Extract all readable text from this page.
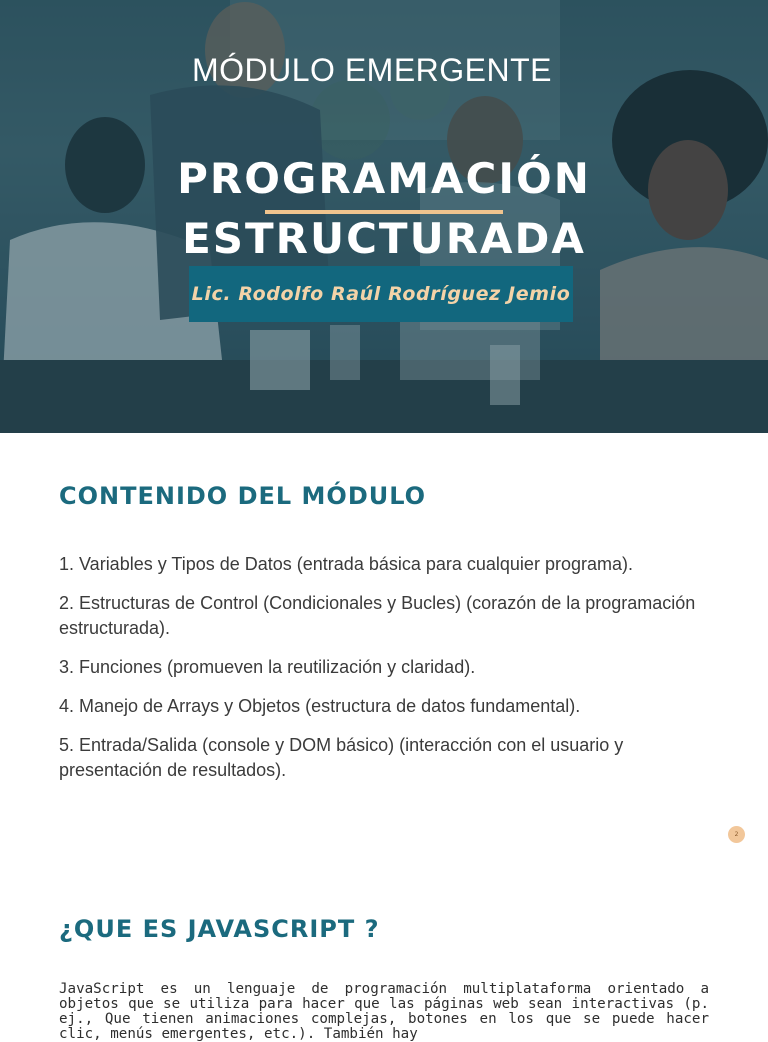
MÓDULO EMERGENTE
PROGRAMACIÓN
ESTRUCTURADA
Lic. Rodolfo Raúl Rodríguez Jemio
CONTENIDO DEL MÓDULO
1. Variables y Tipos de Datos (entrada básica para cualquier programa).
2. Estructuras de Control (Condicionales y Bucles) (corazón de la programación estructurada).
3. Funciones (promueven la reutilización y claridad).
4. Manejo de Arrays y Objetos (estructura de datos fundamental).
5. Entrada/Salida (console y DOM básico) (interacción con el usuario y presentación de resultados).
2
¿QUE ES JAVASCRIPT ?

JavaScript es un lenguaje de programación multiplataforma orientado a objetos que se utiliza para hacer que las páginas web sean interactivas (p. ej., Que tienen animaciones complejas, botones en los que se puede hacer clic, menús emergentes, etc.). También hay
